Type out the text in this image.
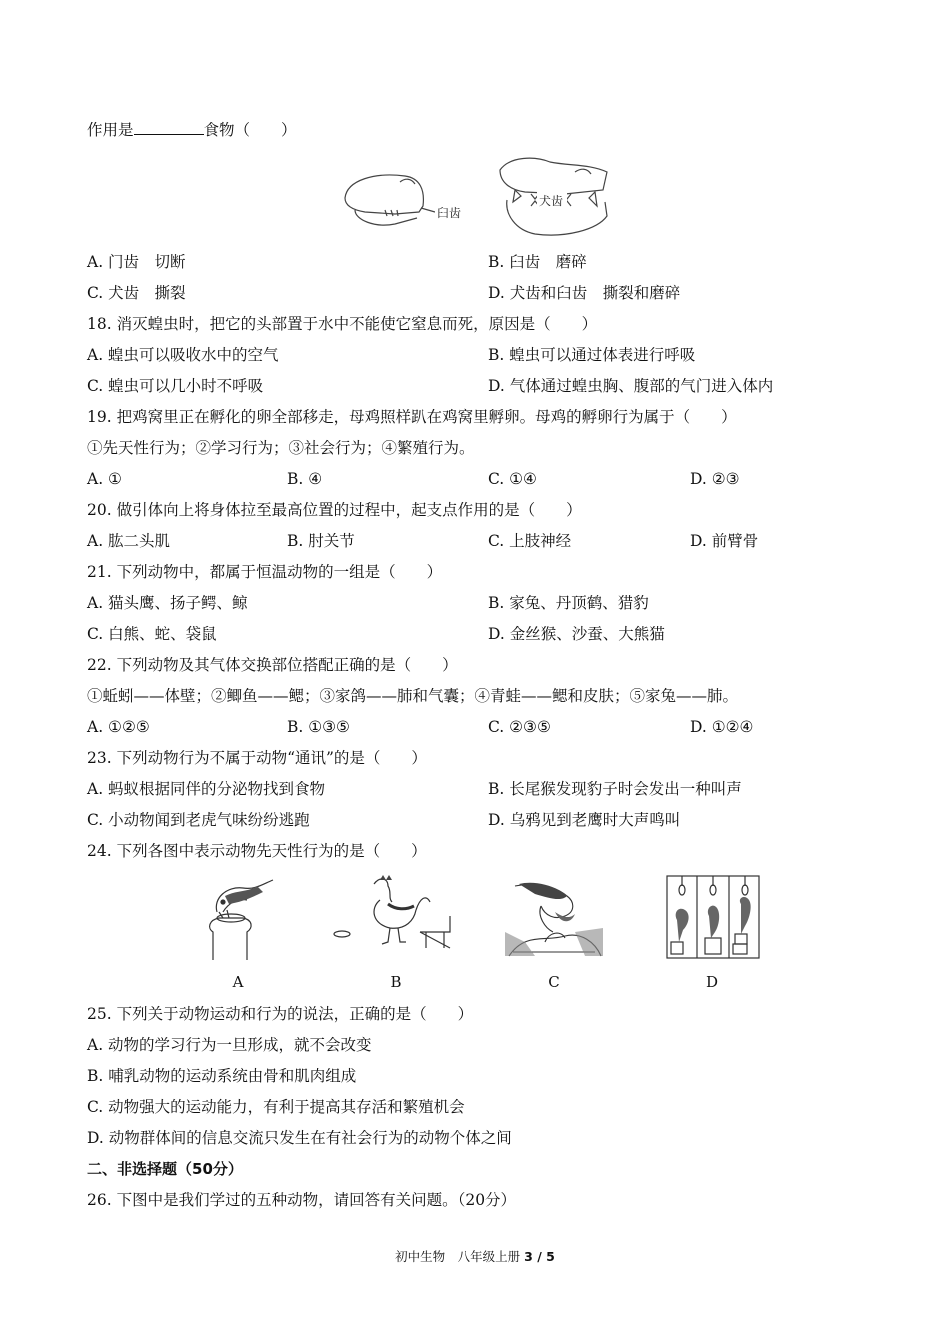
作用是	食物（　　）
臼齿
犬齿
A. 门齿　切断	B. 臼齿　磨碎
C. 犬齿　撕裂	D. 犬齿和臼齿　撕裂和磨碎
18. 消灭蝗虫时，把它的头部置于水中不能使它窒息而死，原因是（　　）
A. 蝗虫可以吸收水中的空气	B. 蝗虫可以通过体表进行呼吸
C. 蝗虫可以几小时不呼吸	D. 气体通过蝗虫胸、腹部的气门进入体内
19. 把鸡窝里正在孵化的卵全部移走，母鸡照样趴在鸡窝里孵卵。母鸡的孵卵行为属于（　　）
①先天性行为；②学习行为；③社会行为；④繁殖行为。
A. ①	B. ④	C. ①④	D. ②③
20. 做引体向上将身体拉至最高位置的过程中，起支点作用的是（　　）
A. 肱二头肌	B. 肘关节	C. 上肢神经	D. 前臂骨
21. 下列动物中，都属于恒温动物的一组是（　　）
A. 猫头鹰、扬子鳄、鲸	B. 家兔、丹顶鹤、猎豹
C. 白熊、蛇、袋鼠	D. 金丝猴、沙蚕、大熊猫
22. 下列动物及其气体交换部位搭配正确的是（　　）
①蚯蚓——体壁；②鲫鱼——鳃；③家鸽——肺和气囊；④青蛙——鳃和皮肤；⑤家兔——肺。
A. ①②⑤	B. ①③⑤	C. ②③⑤	D. ①②④
23. 下列动物行为不属于动物“通讯”的是（　　）
A. 蚂蚁根据同伴的分泌物找到食物	B. 长尾猴发现豹子时会发出一种叫声
C. 小动物闻到老虎气味纷纷逃跑	D. 乌鸦见到老鹰时大声鸣叫
24. 下列各图中表示动物先天性行为的是（　　）
A	B	C	D
25. 下列关于动物运动和行为的说法，正确的是（　　）
A. 动物的学习行为一旦形成，就不会改变
B. 哺乳动物的运动系统由骨和肌肉组成
C. 动物强大的运动能力，有利于提高其存活和繁殖机会
D. 动物群体间的信息交流只发生在有社会行为的动物个体之间
二、非选择题（50分）
26. 下图中是我们学过的五种动物，请回答有关问题。（20分）
初中生物　八年级上册 3 / 5
